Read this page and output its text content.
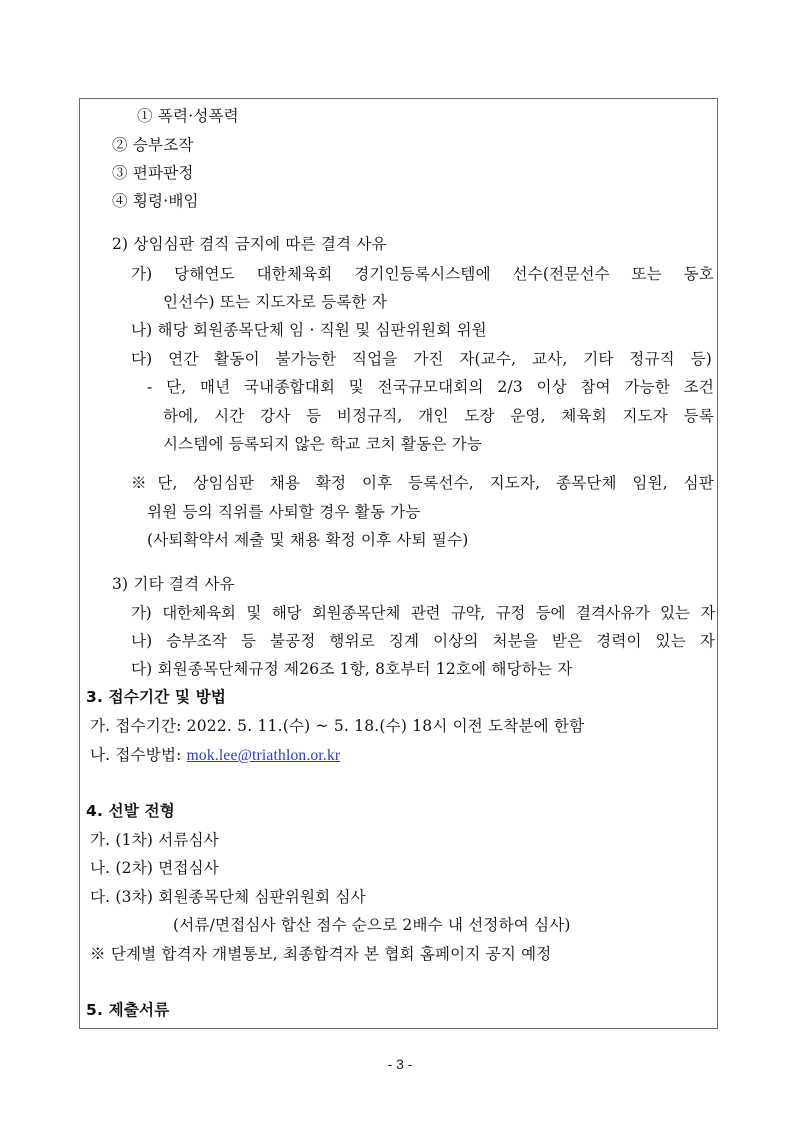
① 폭력·성폭력
② 승부조작
③ 편파판정
④ 횡령·배임
2) 상임심판 겸직 금지에 따른 결격 사유
가) 당해연도 대한체육회 경기인등록시스템에 선수(전문선수 또는 동호
인선수) 또는 지도자로 등록한 자
나) 해당 회원종목단체 임 · 직원 및 심판위원회 위원
다) 연간 활동이 불가능한 직업을 가진 자(교수, 교사, 기타 정규직 등)
- 단, 매년 국내종합대회 및 전국규모대회의 2/3 이상 참여 가능한 조건
하에, 시간 강사 등 비정규직, 개인 도장 운영, 체육회 지도자 등록
시스템에 등록되지 않은 학교 코치 활동은 가능
※단, 상임심판 채용 확정 이후 등록선수, 지도자, 종목단체 임원, 심판
위원 등의 직위를 사퇴할 경우 활동 가능
(사퇴확약서 제출 및 채용 확정 이후 사퇴 필수)
3) 기타 결격 사유
가) 대한체육회 및 해당 회원종목단체 관련 규약, 규정 등에 결격사유가 있는 자
나) 승부조작 등 불공정 행위로 징계 이상의 처분을 받은 경력이 있는 자
다) 회원종목단체규정 제26조 1항, 8호부터 12호에 해당하는 자
3. 접수기간 및 방법
가. 접수기간: 2022. 5. 11.(수) ~ 5. 18.(수) 18시 이전 도착분에 한함
나. 접수방법: mok.lee@triathlon.or.kr
4. 선발 전형
가. (1차) 서류심사
나. (2차) 면접심사
다. (3차) 회원종목단체 심판위원회 심사
(서류/면접심사 합산 점수 순으로 2배수 내 선정하여 심사)
※ 단계별 합격자 개별통보, 최종합격자 본 협회 홈페이지 공지 예정
5. 제출서류
- 3 -
